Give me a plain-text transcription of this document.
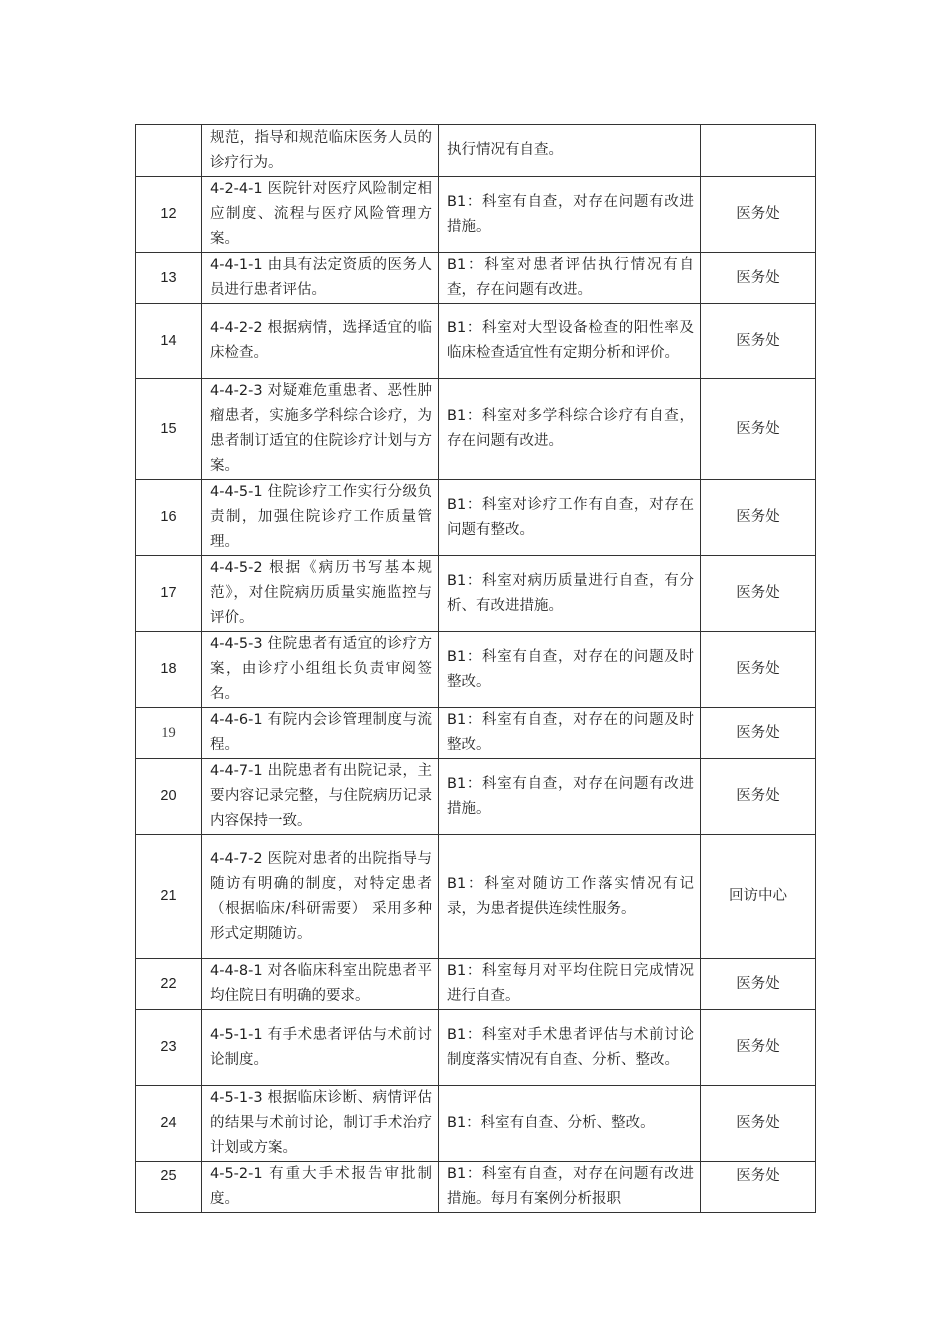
	规范，指导和规范临床医务人员的诊疗行为。	执行情况有自查。	
12	4-2-4-1 医院针对医疗风险制定相应制度、流程与医疗风险管理方案。	B1：科室有自查，对存在问题有改进措施。	医务处
13	4-4-1-1 由具有法定资质的医务人员进行患者评估。	B1：科室对患者评估执行情况有自查，存在问题有改进。	医务处
14	4-4-2-2 根据病情，选择适宜的临床检查。	B1：科室对大型设备检查的阳性率及临床检查适宜性有定期分析和评价。	医务处
15	4-4-2-3 对疑难危重患者、恶性肿瘤患者，实施多学科综合诊疗，为患者制订适宜的住院诊疗计划与方案。	B1：科室对多学科综合诊疗有自查，存在问题有改进。	医务处
16	4-4-5-1 住院诊疗工作实行分级负责制，加强住院诊疗工作质量管理。	B1：科室对诊疗工作有自查，对存在问题有整改。	医务处
17	4-4-5-2 根据《病历书写基本规范》，对住院病历质量实施监控与评价。	B1：科室对病历质量进行自查，有分析、有改进措施。	医务处
18	4-4-5-3 住院患者有适宜的诊疗方案，由诊疗小组组长负责审阅签名。	B1：科室有自查，对存在的问题及时整改。	医务处
19	4-4-6-1 有院内会诊管理制度与流程。	B1：科室有自查，对存在的问题及时整改。	医务处
20	4-4-7-1 出院患者有出院记录，主要内容记录完整，与住院病历记录内容保持一致。	B1：科室有自查，对存在问题有改进措施。	医务处
21	4-4-7-2 医院对患者的出院指导与随访有明确的制度，对特定患者（根据临床/科研需要） 采用多种形式定期随访。	B1：科室对随访工作落实情况有记录，为患者提供连续性服务。	回访中心
22	4-4-8-1 对各临床科室出院患者平均住院日有明确的要求。	B1：科室每月对平均住院日完成情况进行自查。	医务处
23	4-5-1-1 有手术患者评估与术前讨论制度。	B1：科室对手术患者评估与术前讨论制度落实情况有自查、分析、整改。	医务处
24	4-5-1-3 根据临床诊断、病情评估的结果与术前讨论，制订手术治疗计划或方案。	B1：科室有自查、分析、整改。	医务处
25	4-5-2-1 有重大手术报告审批制度。	B1：科室有自查，对存在问题有改进措施。每月有案例分析报职	医务处
